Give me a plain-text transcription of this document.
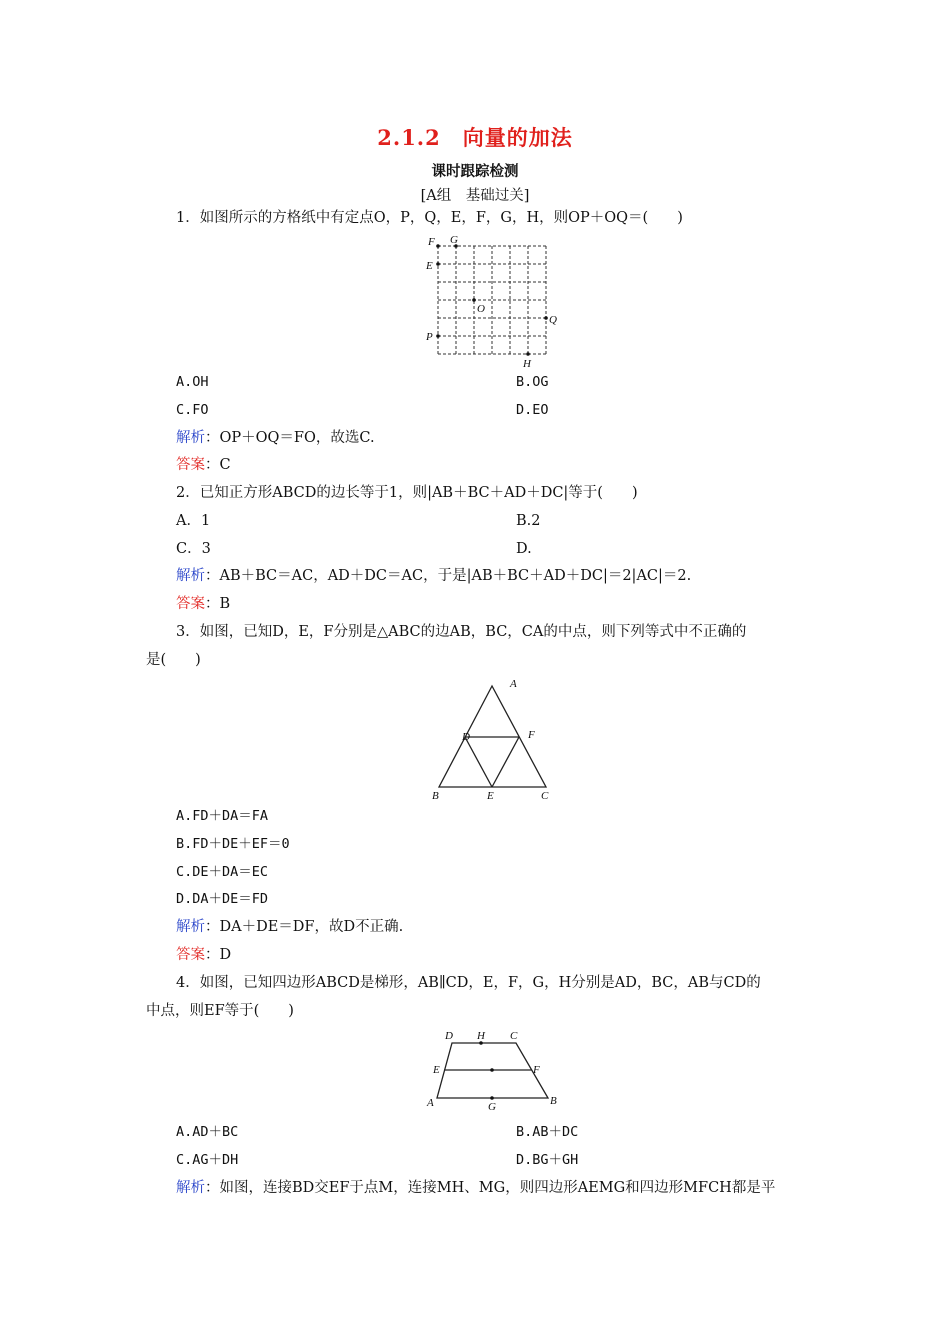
2.1.2　向量的加法
课时跟踪检测
[A组　基础过关]
1．如图所示的方格纸中有定点O，P，Q，E，F，G，H，则OP＋OQ＝(　　)
F G
E
O
Q
P
H
A.OH	B.OG
C.FO	D.EO
解析：OP＋OQ＝FO，故选C.
答案：C
2．已知正方形ABCD的边长等于1，则|AB＋BC＋AD＋DC|等于(　　)
A．1	B.2
C．3	D.
解析：AB＋BC＝AC，AD＋DC＝AC，于是|AB＋BC＋AD＋DC|＝2|AC|＝2.
答案：B
3．如图，已知D，E，F分别是△ABC的边AB，BC，CA的中点，则下列等式中不正确的
是(　　)
A
D	F
B	E	C
A.FD＋DA＝FA
B.FD＋DE＋EF＝0
C.DE＋DA＝EC
D.DA＋DE＝FD
解析：DA＋DE＝DF，故D不正确.
答案：D
4．如图，已知四边形ABCD是梯形，AB∥CD，E，F，G，H分别是AD，BC，AB与CD的
中点，则EF等于(　　)
D H C
E	F
A	G	B
A.AD＋BC	B.AB＋DC
C.AG＋DH	D.BG＋GH
解析：如图，连接BD交EF于点M，连接MH、MG，则四边形AEMG和四边形MFCH都是平
